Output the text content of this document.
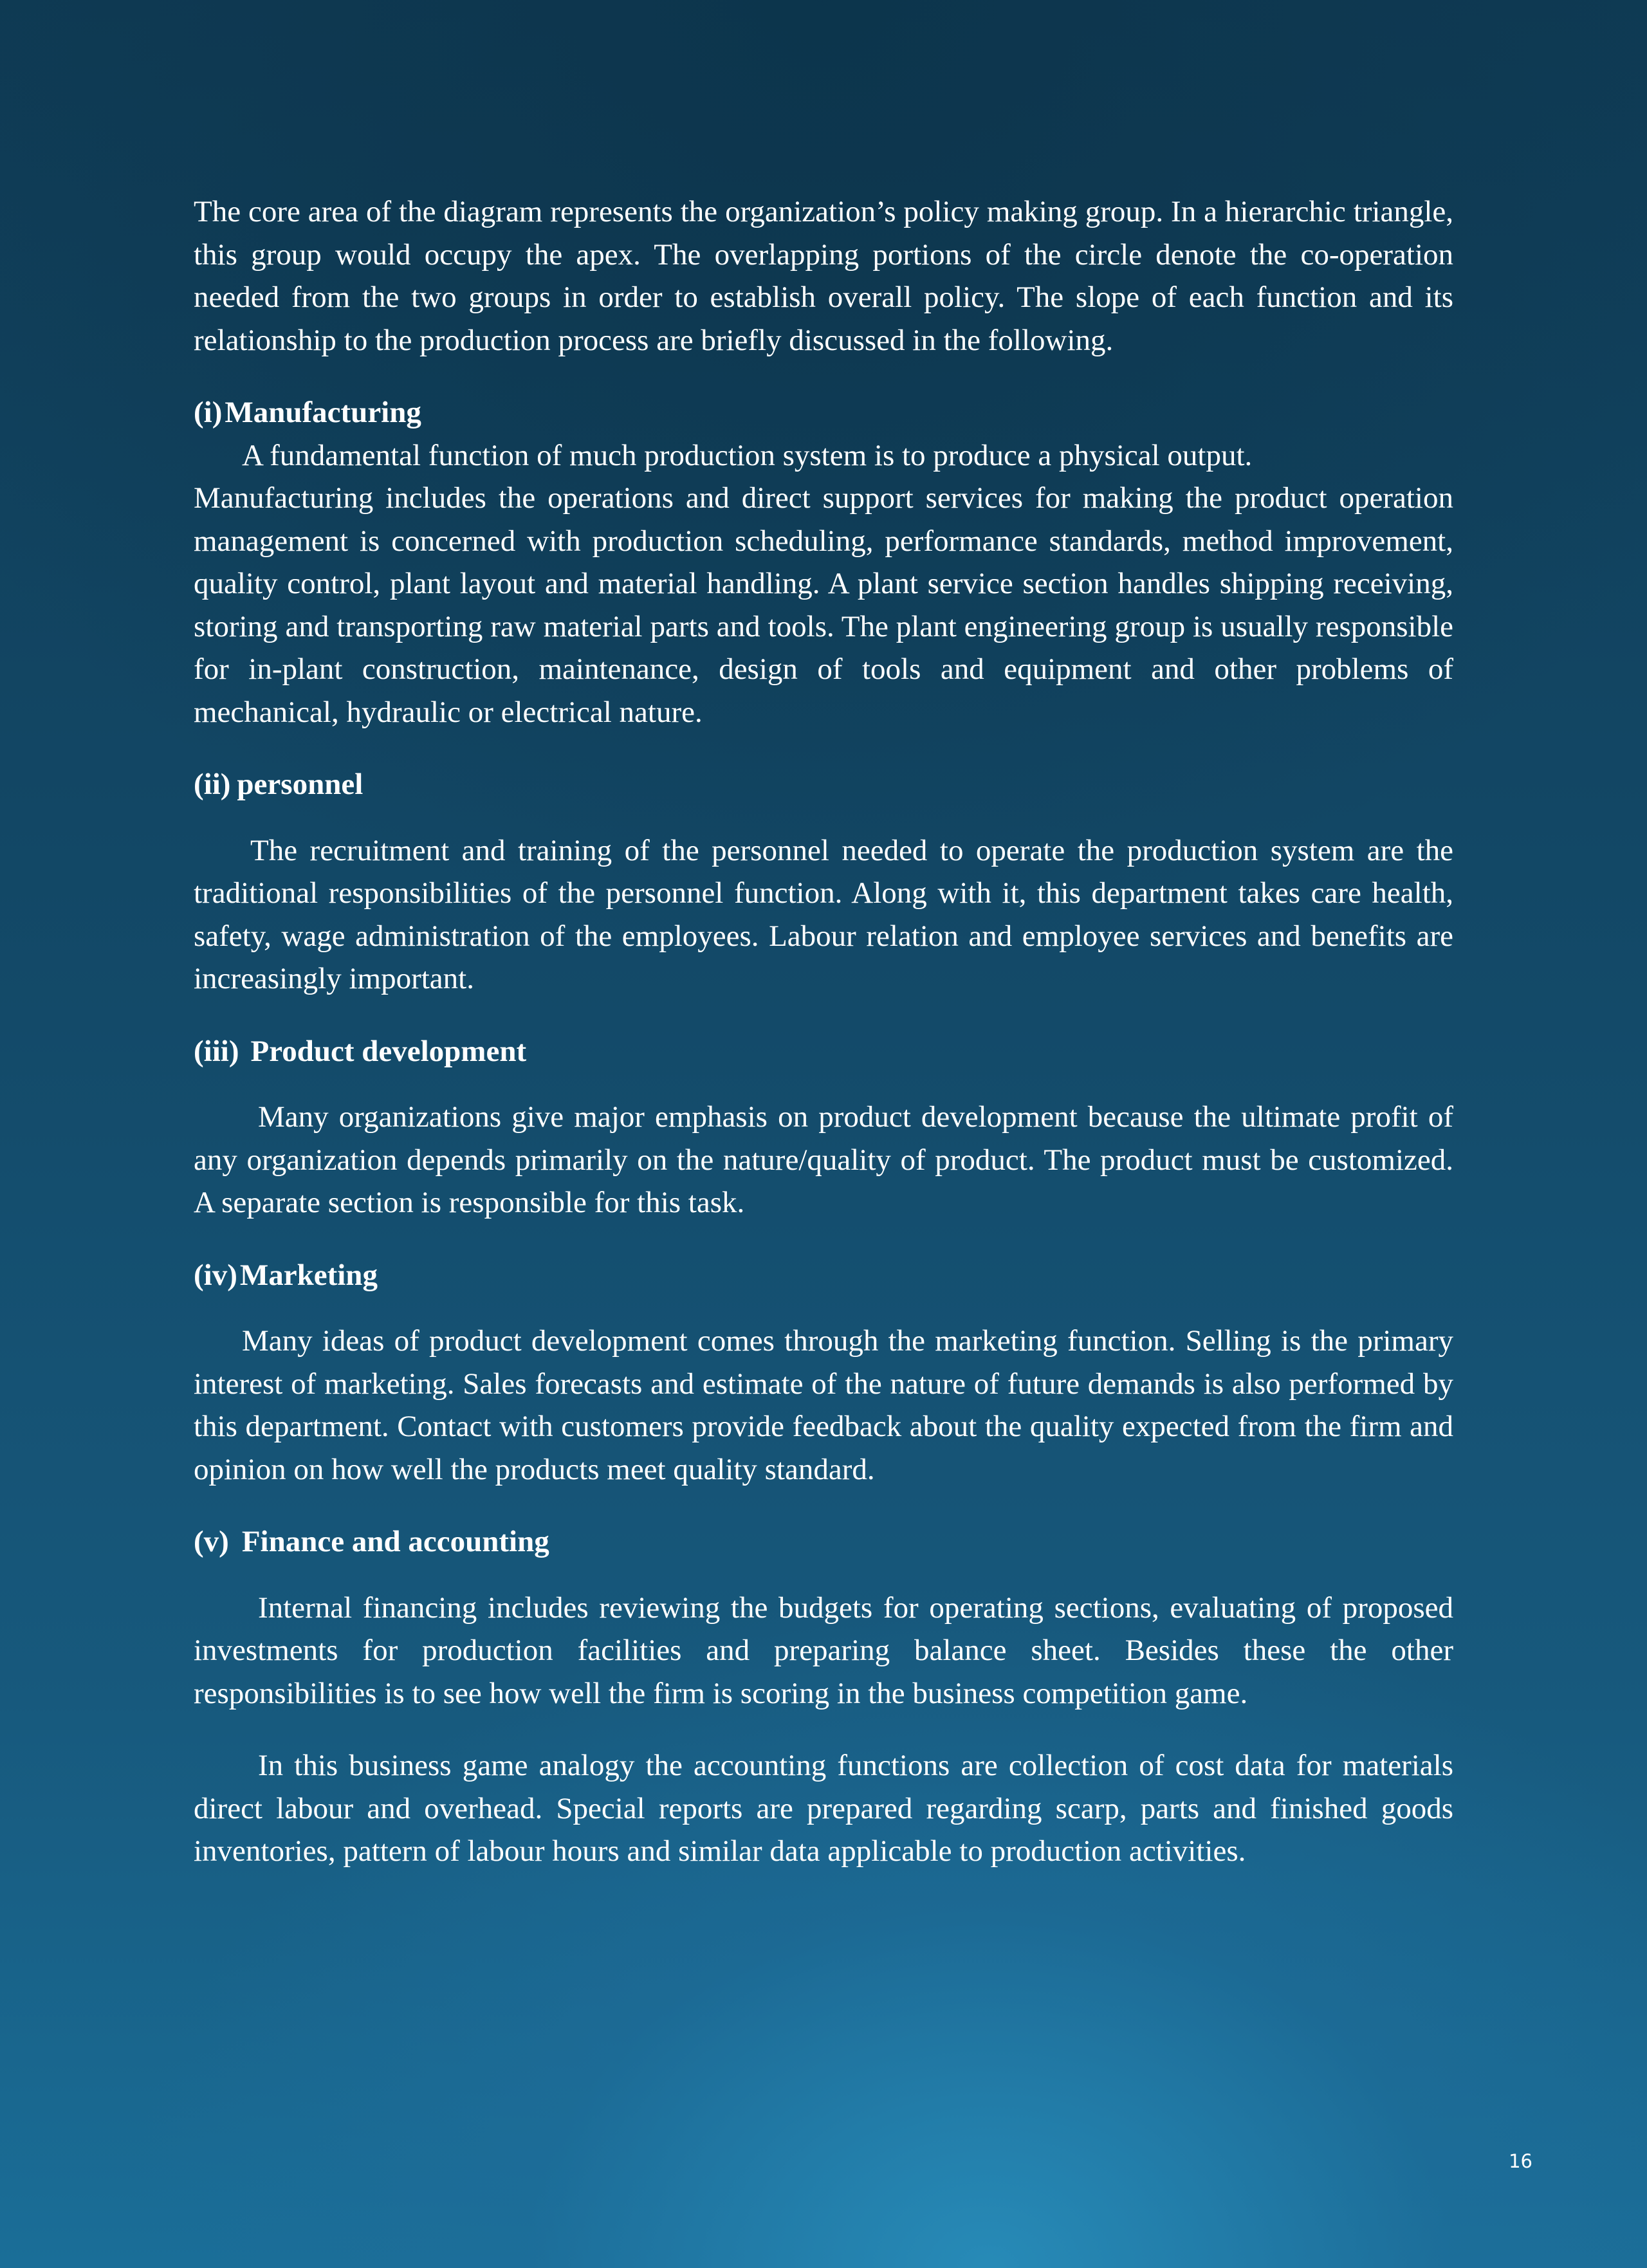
The core area of the diagram represents the organization’s policy making group. In a hierarchic triangle, this group would occupy the apex. The overlapping portions of the circle denote the co-operation needed from the two groups in order to establish overall policy. The slope of each function and its relationship to the production process are briefly discussed in the following.

(i)Manufacturing

A fundamental function of much production system is to produce a physical output.

Manufacturing includes the operations and direct support services for making the product operation management is concerned with production scheduling, performance standards, method improvement, quality control, plant layout and material handling. A plant service section handles shipping receiving, storing and transporting raw material parts and tools. The plant engineering group is usually responsible for in-plant construction, maintenance, design of tools and equipment and other problems of mechanical, hydraulic or electrical nature.

(ii) personnel

The recruitment and training of the personnel needed to operate the production system are the traditional responsibilities of the personnel function. Along with it, this department takes care health, safety, wage administration of the employees. Labour relation and employee services and benefits are increasingly important.

(iii) Product development

Many organizations give major emphasis on product development because the ultimate profit of any organization depends primarily on the nature/quality of product. The product must be customized. A separate section is responsible for this task.

(iv)Marketing

Many ideas of product development comes through the marketing function. Selling is the primary interest of marketing. Sales forecasts and estimate of the nature of future demands is also performed by this department. Contact with customers provide feedback about the quality expected from the firm and opinion on how well the products meet quality standard.

(v) Finance and accounting

Internal financing includes reviewing the budgets for operating sections, evaluating of proposed investments for production facilities and preparing balance sheet. Besides these the other responsibilities is to see how well the firm is scoring in the business competition game.

In this business game analogy the accounting functions are collection of cost data for materials direct labour and overhead. Special reports are prepared regarding scarp, parts and finished goods inventories, pattern of labour hours and similar data applicable to production activities.

16
